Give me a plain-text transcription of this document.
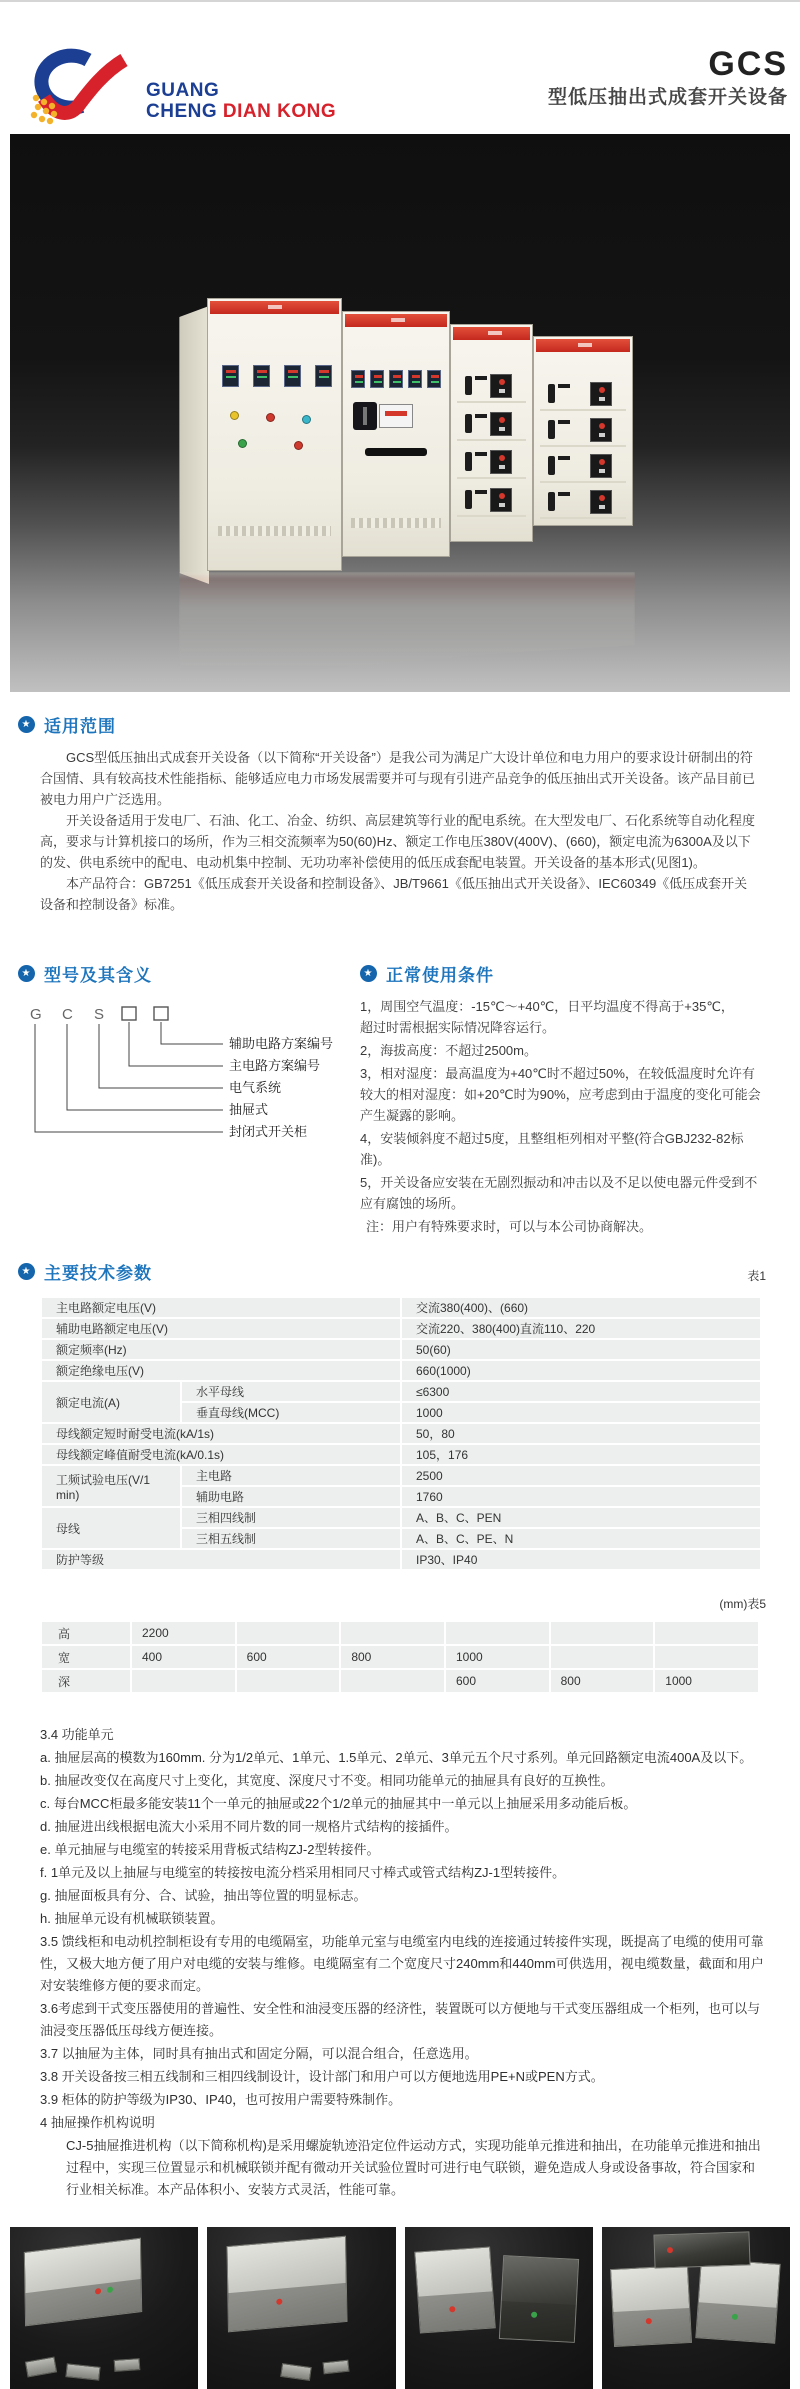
GUANG
CHENG DIAN KONG
GCS
型低压抽出式成套开关设备
★ 适用范围

GCS型低压抽出式成套开关设备（以下简称“开关设备”）是我公司为满足广大设计单位和电力用户的要求设计研制出的符合国情、具有较高技术性能指标、能够适应电力市场发展需要并可与现有引进产品竞争的低压抽出式开关设备。该产品目前已被电力用户广泛选用。

开关设备适用于发电厂、石油、化工、冶金、纺织、高层建筑等行业的配电系统。在大型发电厂、石化系统等自动化程度高，要求与计算机接口的场所，作为三相交流频率为50(60)Hz、额定工作电压380V(400V)、(660)，额定电流为6300A及以下的发、供电系统中的配电、电动机集中控制、无功功率补偿使用的低压成套配电装置。开关设备的基本形式(见图1)。

本产品符合：GB7251《低压成套开关设备和控制设备》、JB/T9661《低压抽出式开关设备》、IEC60349《低压成套开关设备和控制设备》标准。

★ 型号及其含义
G C S
辅助电路方案编号
主电路方案编号
电气系统
抽屉式
封闭式开关柜
★ 正常使用条件

1，周围空气温度：-15℃～+40℃，日平均温度不得高于+35℃，　　超过时需根据实际情况降容运行。

2，海拔高度：不超过2500m。

3，相对湿度：最高温度为+40℃时不超过50%，在较低温度时允许有较大的相对湿度：如+20℃时为90%，应考虑到由于温度的变化可能会产生凝露的影响。

4，安装倾斜度不超过5度，且整组柜列相对平整(符合GBJ232-82标准)。

5，开关设备应安装在无剧烈振动和冲击以及不足以使电器元件受到不应有腐蚀的场所。

注：用户有特殊要求时，可以与本公司协商解决。

★ 主要技术参数	表1
主电路额定电压(V)		交流380(400)、(660)
辅助电路额定电压(V)		交流220、380(400)直流110、220
额定频率(Hz)		50(60)
额定绝缘电压(V)		660(1000)
额定电流(A)	水平母线	≤6300
	垂直母线(MCC)	1000
母线额定短时耐受电流(kA/1s)		50，80
母线额定峰值耐受电流(kA/0.1s)		105，176
工频试验电压(V/1 min)	主电路	2500
	辅助电路	1760
母线	三相四线制	A、B、C、PEN
	三相五线制	A、B、C、PE、N
防护等级		IP30、IP40
(mm)表5
高	2200					
宽	400	600	800	1000		
深				600	800	1000

3.4 功能单元

a. 抽屉层高的模数为160mm. 分为1/2单元、1单元、1.5单元、2单元、3单元五个尺寸系列。单元回路额定电流400A及以下。

b. 抽屉改变仅在高度尺寸上变化，其宽度、深度尺寸不变。相同功能单元的抽屉具有良好的互换性。

c. 每台MCC柜最多能安装11个一单元的抽屉或22个1/2单元的抽屉其中一单元以上抽屉采用多动能后板。

d. 抽屉进出线根据电流大小采用不同片数的同一规格片式结构的接插件。

e. 单元抽屉与电缆室的转接采用背板式结构ZJ-2型转接件。

f. 1单元及以上抽屉与电缆室的转接按电流分档采用相同尺寸棒式或管式结构ZJ-1型转接件。

g. 抽屉面板具有分、合、试验，抽出等位置的明显标志。

h. 抽屉单元设有机械联锁装置。

3.5 馈线柜和电动机控制柜设有专用的电缆隔室，功能单元室与电缆室内电线的连接通过转接件实现，既提高了电缆的使用可靠性，又极大地方便了用户对电缆的安装与维修。电缆隔室有二个宽度尺寸240mm和440mm可供选用，视电缆数量，截面和用户对安装维修方便的要求而定。

3.6考虑到干式变压器使用的普遍性、安全性和油浸变压器的经济性，装置既可以方便地与干式变压器组成一个柜列，也可以与油浸变压器低压母线方便连接。

3.7 以抽屉为主体，同时具有抽出式和固定分隔，可以混合组合，任意选用。

3.8 开关设备按三相五线制和三相四线制设计，设计部门和用户可以方便地选用PE+N或PEN方式。

3.9 柜体的防护等级为IP30、IP40，也可按用户需要特殊制作。

4 抽屉操作机构说明

CJ-5抽屉推进机构（以下简称机构)是采用螺旋轨迹沿定位件运动方式，实现功能单元推进和抽出，在功能单元推进和抽出过程中，实现三位置显示和机械联锁并配有微动开关试验位置时可进行电气联锁，避免造成人身或设备事故，符合国家和行业相关标准。本产品体积小、安装方式灵活，性能可靠。
